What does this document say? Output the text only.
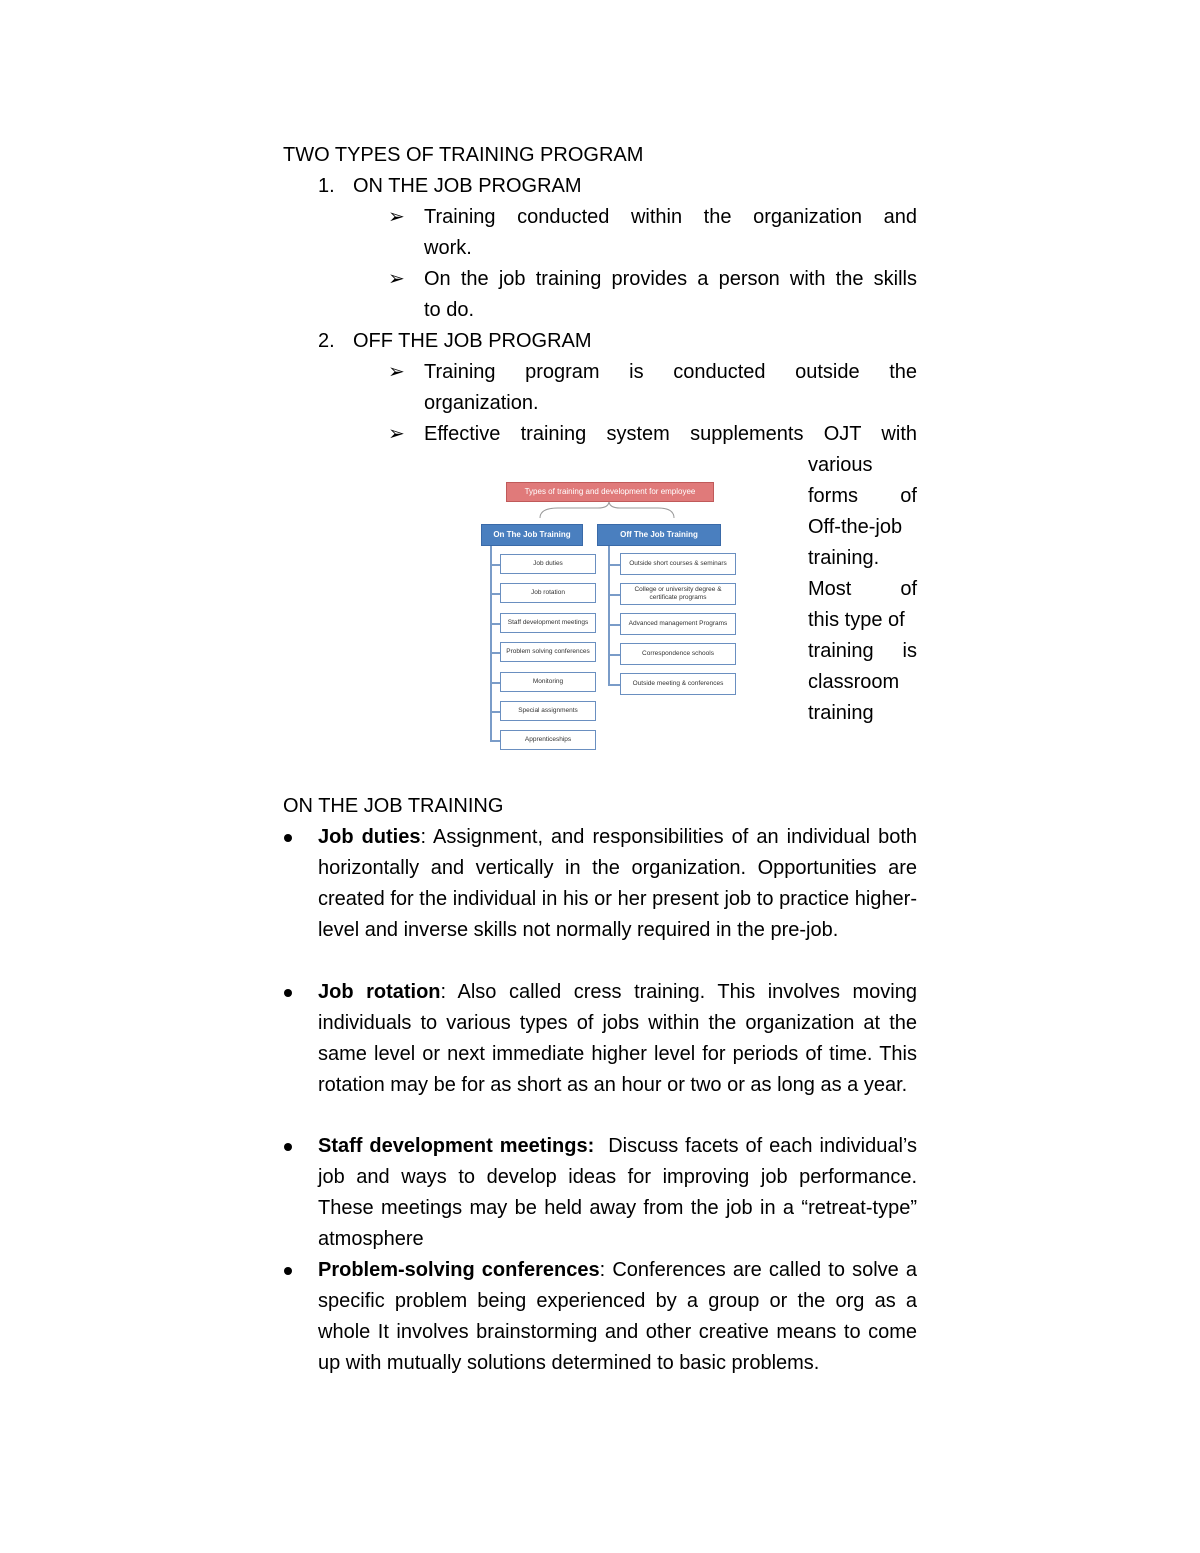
TWO TYPES OF TRAINING PROGRAM
1. ON THE JOB PROGRAM
➢ Training conducted within the organization and
work.
➢ On the job training provides a person with the skills
to do.
2. OFF THE JOB PROGRAM
➢ Training program is conducted outside the
organization.
➢ Effective training system supplements OJT with
various
forms of
Off-the-job
training.
Most of
this type of
training is
classroom
training
Types of training and development for employee
On The Job Training	Off The Job Training
Job duties
Job rotation
Staff development meetings
Problem solving conferences
Monitoring
Special assignments
Apprenticeships
Outside short courses & seminars
College or university degree & certificate programs
Advanced management Programs
Correspondence schools
Outside meeting & conferences
ON THE JOB TRAINING
Job duties: Assignment, and responsibilities of an individual both horizontally and vertically in the organization. Opportunities are created for the individual in his or her present job to practice higher- level and inverse skills not normally required in the pre-job.
Job rotation: Also called cress training. This involves moving individuals to various types of jobs within the organization at the same level or next immediate higher level for periods of time. This rotation may be for as short as an hour or two or as long as a year.
Staff development meetings:  Discuss facets of each individual’s job and ways to develop ideas for improving job performance. These meetings may be held away from the job in a “retreat-type” atmosphere
Problem-solving conferences: Conferences are called to solve a specific problem being experienced by a group or the org as a whole It involves brainstorming and other creative means to come up with mutually solutions determined to basic problems.
